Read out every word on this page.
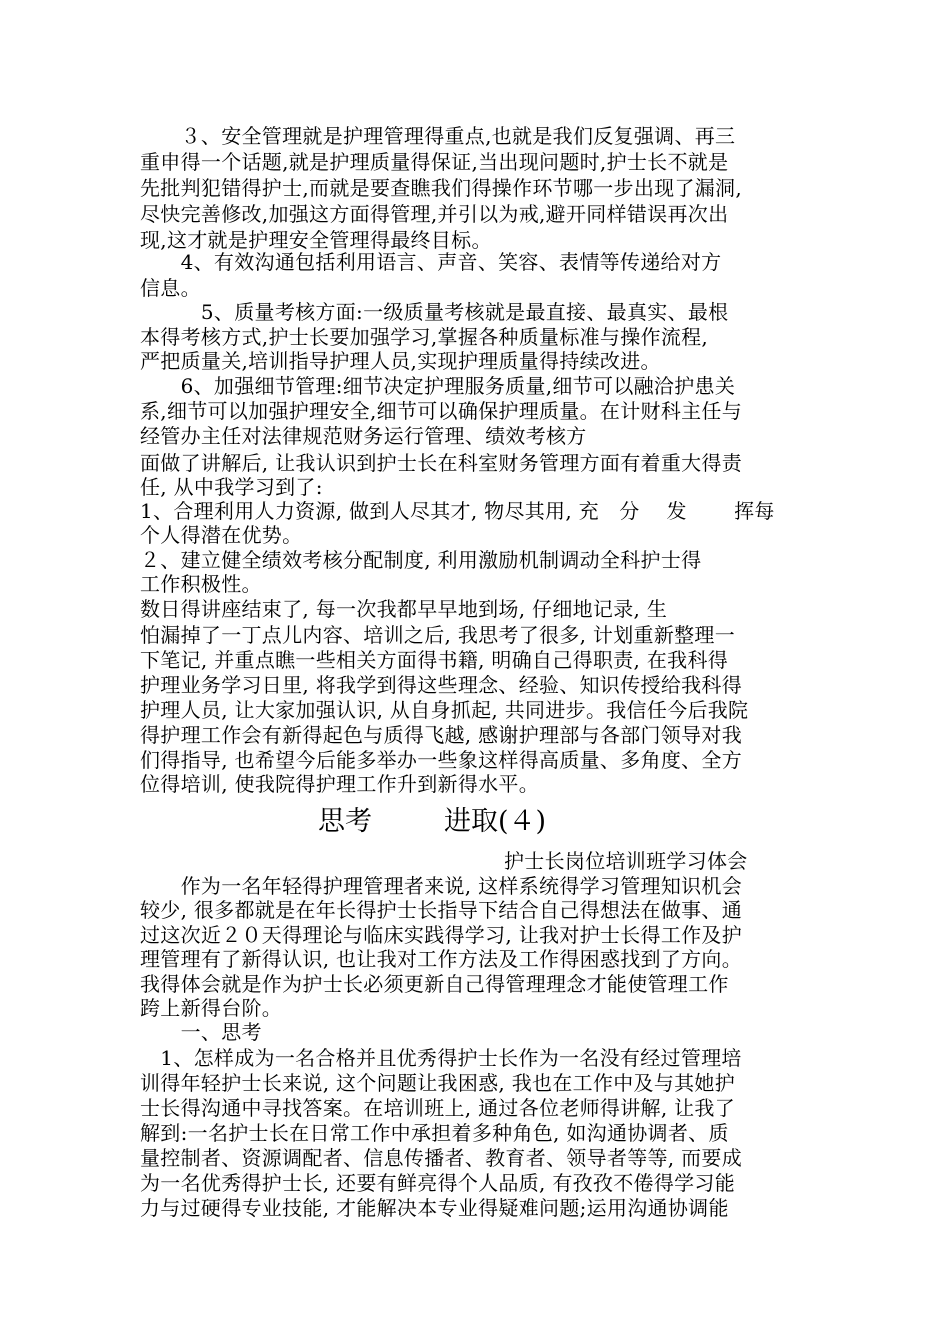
　　３、安全管理就是护理管理得重点,也就是我们反复强调、再三
重申得一个话题,就是护理质量得保证,当出现问题时,护士长不就是
先批判犯错得护士,而就是要查瞧我们得操作环节哪一步出现了漏洞,
尽快完善修改,加强这方面得管理,并引以为戒,避开同样错误再次出
现,这才就是护理安全管理得最终目标。
　　4、有效沟通包括利用语言、声音、笑容、表情等传递给对方
信息。
　　　5、质量考核方面:一级质量考核就是最直接、最真实、最根
本得考核方式,护士长要加强学习,掌握各种质量标准与操作流程,
严把质量关,培训指导护理人员,实现护理质量得持续改进。
　　6、加强细节管理:细节决定护理服务质量,细节可以融洽护患关
系,细节可以加强护理安全,细节可以确保护理质量。在计财科主任与
经管办主任对法律规范财务运行管理、绩效考核方
面做了讲解后, 让我认识到护士长在科室财务管理方面有着重大得责
任, 从中我学习到了:
1、合理利用人力资源, 做到人尽其才, 物尽其用, 充　分　 发　　 挥每
个人得潜在优势。
２、建立健全绩效考核分配制度, 利用激励机制调动全科护士得
工作积极性。
数日得讲座结束了, 每一次我都早早地到场, 仔细地记录, 生
怕漏掉了一丁点儿内容、培训之后, 我思考了很多, 计划重新整理一
下笔记, 并重点瞧一些相关方面得书籍, 明确自己得职责, 在我科得
护理业务学习日里, 将我学到得这些理念、经验、知识传授给我科得
护理人员, 让大家加强认识, 从自身抓起, 共同进步。我信任今后我院
得护理工作会有新得起色与质得飞越, 感谢护理部与各部门领导对我
们得指导, 也希望今后能多举办一些象这样得高质量、多角度、全方
位得培训, 使我院得护理工作升到新得水平。
思考	进取(４)
护士长岗位培训班学习体会
　　作为一名年轻得护理管理者来说, 这样系统得学习管理知识机会
较少, 很多都就是在年长得护士长指导下结合自己得想法在做事、通
过这次近２０天得理论与临床实践得学习, 让我对护士长得工作及护
理管理有了新得认识, 也让我对工作方法及工作得困惑找到了方向。
我得体会就是作为护士长必须更新自己得管理理念才能使管理工作
跨上新得台阶。
　　一、思考
　1、怎样成为一名合格并且优秀得护士长作为一名没有经过管理培
训得年轻护士长来说, 这个问题让我困惑, 我也在工作中及与其她护
士长得沟通中寻找答案。在培训班上, 通过各位老师得讲解, 让我了
解到:一名护士长在日常工作中承担着多种角色, 如沟通协调者、质
量控制者、资源调配者、信息传播者、教育者、领导者等等, 而要成
为一名优秀得护士长, 还要有鲜亮得个人品质, 有孜孜不倦得学习能
力与过硬得专业技能, 才能解决本专业得疑难问题;运用沟通协调能
